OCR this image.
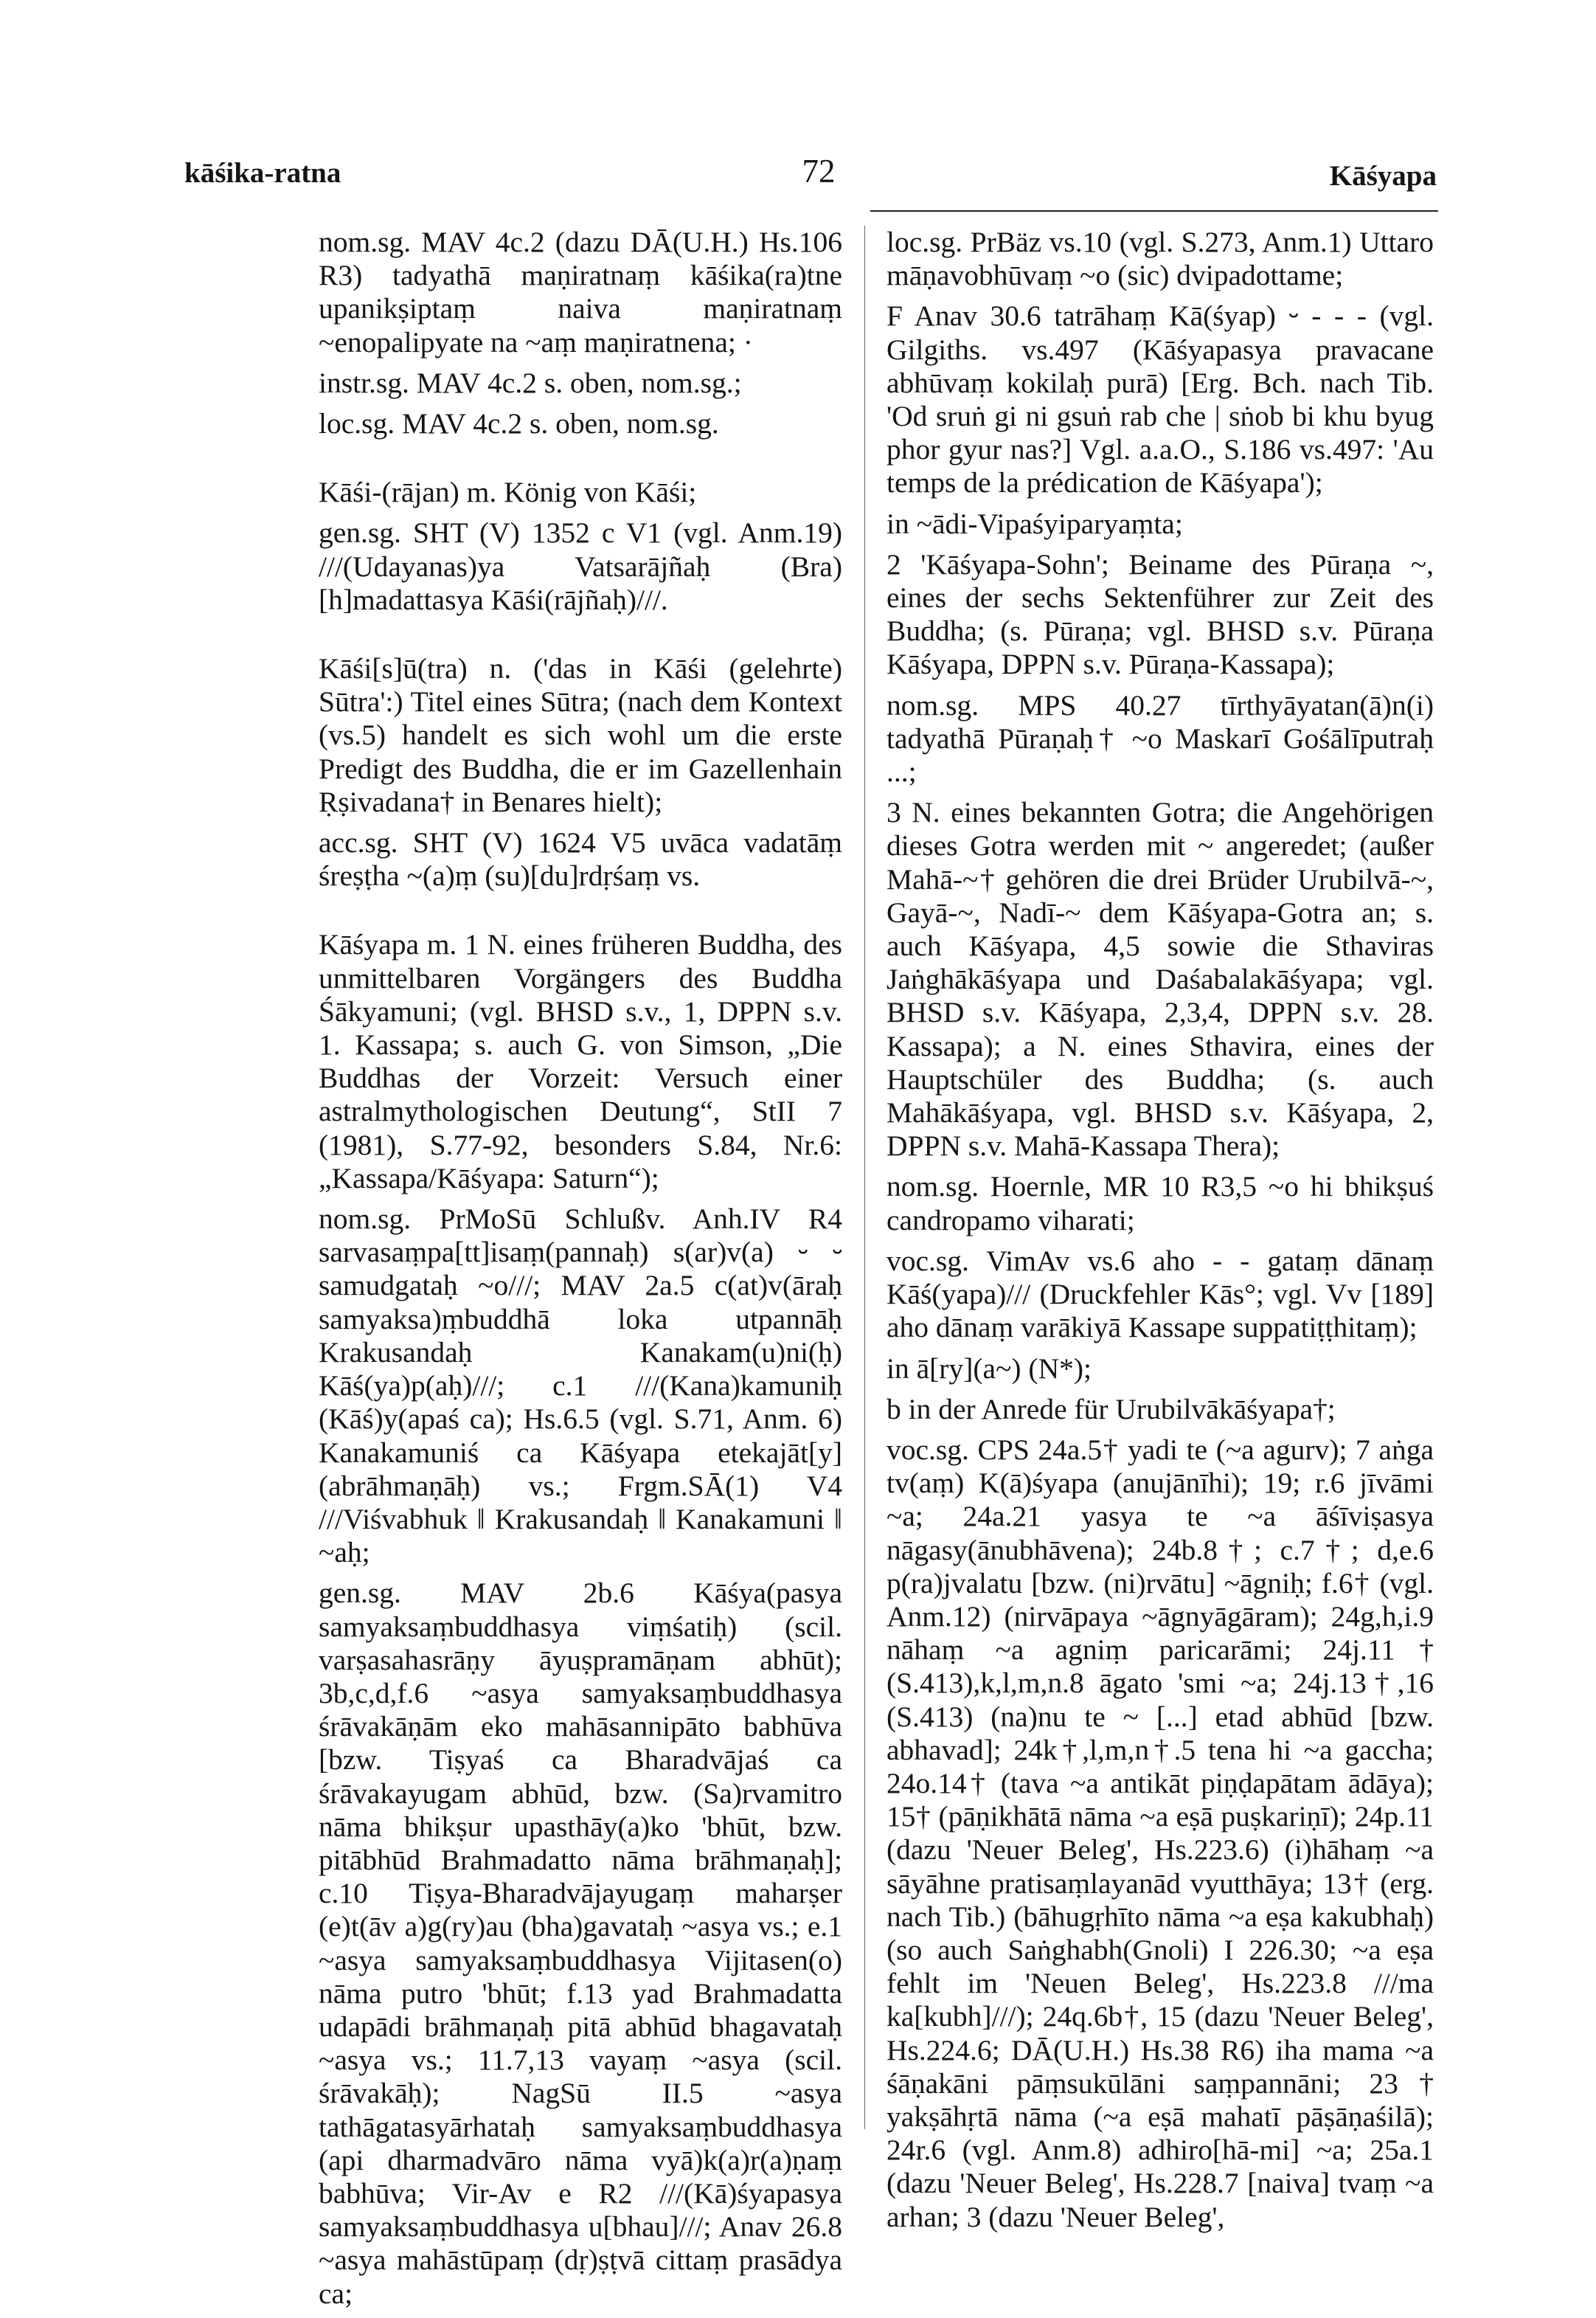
kāśika-ratna	72	Kāśyapa

nom.sg. MAV 4c.2 (dazu DĀ(U.H.) Hs.106 R3) tadyathā maṇiratnaṃ kāśika(ra)tne upanikṣiptaṃ naiva maṇiratnaṃ ~enopalipyate na ~aṃ maṇiratnena; ·

instr.sg. MAV 4c.2 s. oben, nom.sg.;

loc.sg. MAV 4c.2 s. oben, nom.sg.

Kāśi-(rājan) m. König von Kāśi;

gen.sg. SHT (V) 1352 c V1 (vgl. Anm.19) ///(Udayanas)ya Vatsarājñaḥ (Bra)[h]madattasya Kāśi(rājñaḥ)///.

Kāśi[s]ū(tra) n. ('das in Kāśi (gelehrte) Sūtra':) Titel eines Sūtra; (nach dem Kontext (vs.5) handelt es sich wohl um die erste Predigt des Buddha, die er im Gazellenhain Ṛṣivadana† in Benares hielt);

acc.sg. SHT (V) 1624 V5 uvāca vadatāṃ śreṣṭha ~(a)ṃ (su)[du]rdṛśaṃ vs.

Kāśyapa m. 1 N. eines früheren Buddha, des unmittelbaren Vorgängers des Buddha Śākyamuni; (vgl. BHSD s.v., 1, DPPN s.v. 1. Kassapa; s. auch G. von Simson, „Die Buddhas der Vorzeit: Versuch einer astralmythologischen Deutung“, StII 7 (1981), S.77-92, besonders S.84, Nr.6: „Kassapa/Kāśyapa: Saturn“);

nom.sg. PrMoSū Schlußv. Anh.IV R4 sarvasaṃpa[tt]isaṃ(pannaḥ) s(ar)v(a) ⏑ ⏑ samudgataḥ ~o///; MAV 2a.5 c(at)v(āraḥ samyaksa)ṃbuddhā loka utpannāḥ Krakusandaḥ Kanakam(u)ni(ḥ) Kāś(ya)p(aḥ)///; c.1 ///(Kana)kamuniḥ (Kāś)y(apaś ca); Hs.6.5 (vgl. S.71, Anm. 6) Kanakamuniś ca Kāśyapa etekajāt[y](abrāhmaṇāḥ) vs.; Frgm.SĀ(1) V4 ///Viśvabhuk ‖ Krakusandaḥ ‖ Kanakamuni ‖ ~aḥ;

gen.sg. MAV 2b.6 Kāśya(pasya samyaksaṃbuddhasya viṃśatiḥ) (scil. varṣasahasrāṇy āyuṣpramāṇam abhūt); 3b,c,d,f.6 ~asya samyaksaṃbuddhasya śrāvakāṇām eko mahāsannipāto babhūva [bzw. Tiṣyaś ca Bharadvājaś ca śrāvakayugam abhūd, bzw. (Sa)rvamitro nāma bhikṣur upasthāy(a)ko 'bhūt, bzw. pitābhūd Brahmadatto nāma brāhmaṇaḥ]; c.10 Tiṣya-Bharadvājayugaṃ maharṣer (e)t(āv a)g(ry)au (bha)gavataḥ ~asya vs.; e.1 ~asya samyaksaṃbuddhasya Vijitasen(o) nāma putro 'bhūt; f.13 yad Brahmadatta udapādi brāhmaṇaḥ pitā abhūd bhagavataḥ ~asya vs.; 11.7,13 vayaṃ ~asya (scil. śrāvakāḥ); NagSū II.5 ~asya tathāgatasyārhataḥ samyaksaṃbuddhasya (api dharmadvāro nāma vyā)k(a)r(a)ṇaṃ babhūva; Vir-Av e R2 ///(Kā)śyapasya samyaksaṃbuddhasya u[bhau]///; Anav 26.8 ~asya mahāstūpaṃ (dṛ)ṣṭvā cittaṃ prasādya ca;

loc.sg. PrBäz vs.10 (vgl. S.273, Anm.1) Uttaro māṇavobhūvaṃ ~o (sic) dvipadottame;

F Anav 30.6 tatrāhaṃ Kā(śyap) ⏑ - - - (vgl. Gilgiths. vs.497 (Kāśyapasya pravacane abhūvaṃ kokilaḥ purā) [Erg. Bch. nach Tib. 'Od sruṅ gi ni gsuṅ rab che | sṅob bi khu byug phor gyur nas?] Vgl. a.a.O., S.186 vs.497: 'Au temps de la prédication de Kāśyapa');

in ~ādi-Vipaśyiparyaṃta;

2 'Kāśyapa-Sohn'; Beiname des Pūraṇa ~, eines der sechs Sektenführer zur Zeit des Buddha; (s. Pūraṇa; vgl. BHSD s.v. Pūraṇa Kāśyapa, DPPN s.v. Pūraṇa-Kassapa);

nom.sg. MPS 40.27 tīrthyāyatan(ā)n(i) tadyathā Pūraṇaḥ† ~o Maskarī Gośālīputraḥ ...;

3 N. eines bekannten Gotra; die Angehörigen dieses Gotra werden mit ~ angeredet; (außer Mahā-~† gehören die drei Brüder Urubilvā-~, Gayā-~, Nadī-~ dem Kāśyapa-Gotra an; s. auch Kāśyapa, 4,5 sowie die Sthaviras Jaṅghākāśyapa und Daśabalakāśyapa; vgl. BHSD s.v. Kāśyapa, 2,3,4, DPPN s.v. 28. Kassapa); a N. eines Sthavira, eines der Hauptschüler des Buddha; (s. auch Mahākāśyapa, vgl. BHSD s.v. Kāśyapa, 2, DPPN s.v. Mahā-Kassapa Thera);

nom.sg. Hoernle, MR 10 R3,5 ~o hi bhikṣuś candropamo viharati;

voc.sg. VimAv vs.6 aho - - gataṃ dānaṃ Kāś(yapa)/// (Druckfehler Kās°; vgl. Vv [189] aho dānaṃ varākiyā Kassape suppatiṭṭhitaṃ);

in ā[ry](a~) (N*);

b in der Anrede für Urubilvākāśyapa†;

voc.sg. CPS 24a.5† yadi te (~a agurv); 7 aṅga tv(aṃ) K(ā)śyapa (anujānīhi); 19; r.6 jīvāmi ~a; 24a.21 yasya te ~a āśīviṣasya nāgasy(ānubhāvena); 24b.8†; c.7†; d,e.6 p(ra)jvalatu [bzw. (ni)rvātu] ~āgniḥ; f.6† (vgl. Anm.12) (nirvāpaya ~āgnyāgāram); 24g,h,i.9 nāhaṃ ~a agniṃ paricarāmi; 24j.11† (S.413),k,l,m,n.8 āgato 'smi ~a; 24j.13†,16 (S.413) (na)nu te ~ [...] etad abhūd [bzw. abhavad]; 24k†,l,m,n†.5 tena hi ~a gaccha; 24o.14† (tava ~a antikāt piṇḍapātam ādāya); 15† (pāṇikhātā nāma ~a eṣā puṣkariṇī); 24p.11 (dazu 'Neuer Beleg', Hs.223.6) (i)hāhaṃ ~a sāyāhne pratisaṃlayanād vyutthāya; 13† (erg. nach Tib.) (bāhugṛhīto nāma ~a eṣa kakubhaḥ) (so auch Saṅghabh(Gnoli) I 226.30; ~a eṣa fehlt im 'Neuen Beleg', Hs.223.8 ///ma ka[kubh]///); 24q.6b†, 15 (dazu 'Neuer Beleg', Hs.224.6; DĀ(U.H.) Hs.38 R6) iha mama ~a śāṇakāni pāṃsukūlāni saṃpannāni; 23† yakṣāhṛtā nāma (~a eṣā mahatī pāṣāṇaśilā); 24r.6 (vgl. Anm.8) adhiro[hā-mi] ~a; 25a.1 (dazu 'Neuer Beleg', Hs.228.7 [naiva] tvaṃ ~a arhan; 3 (dazu 'Neuer Beleg',
